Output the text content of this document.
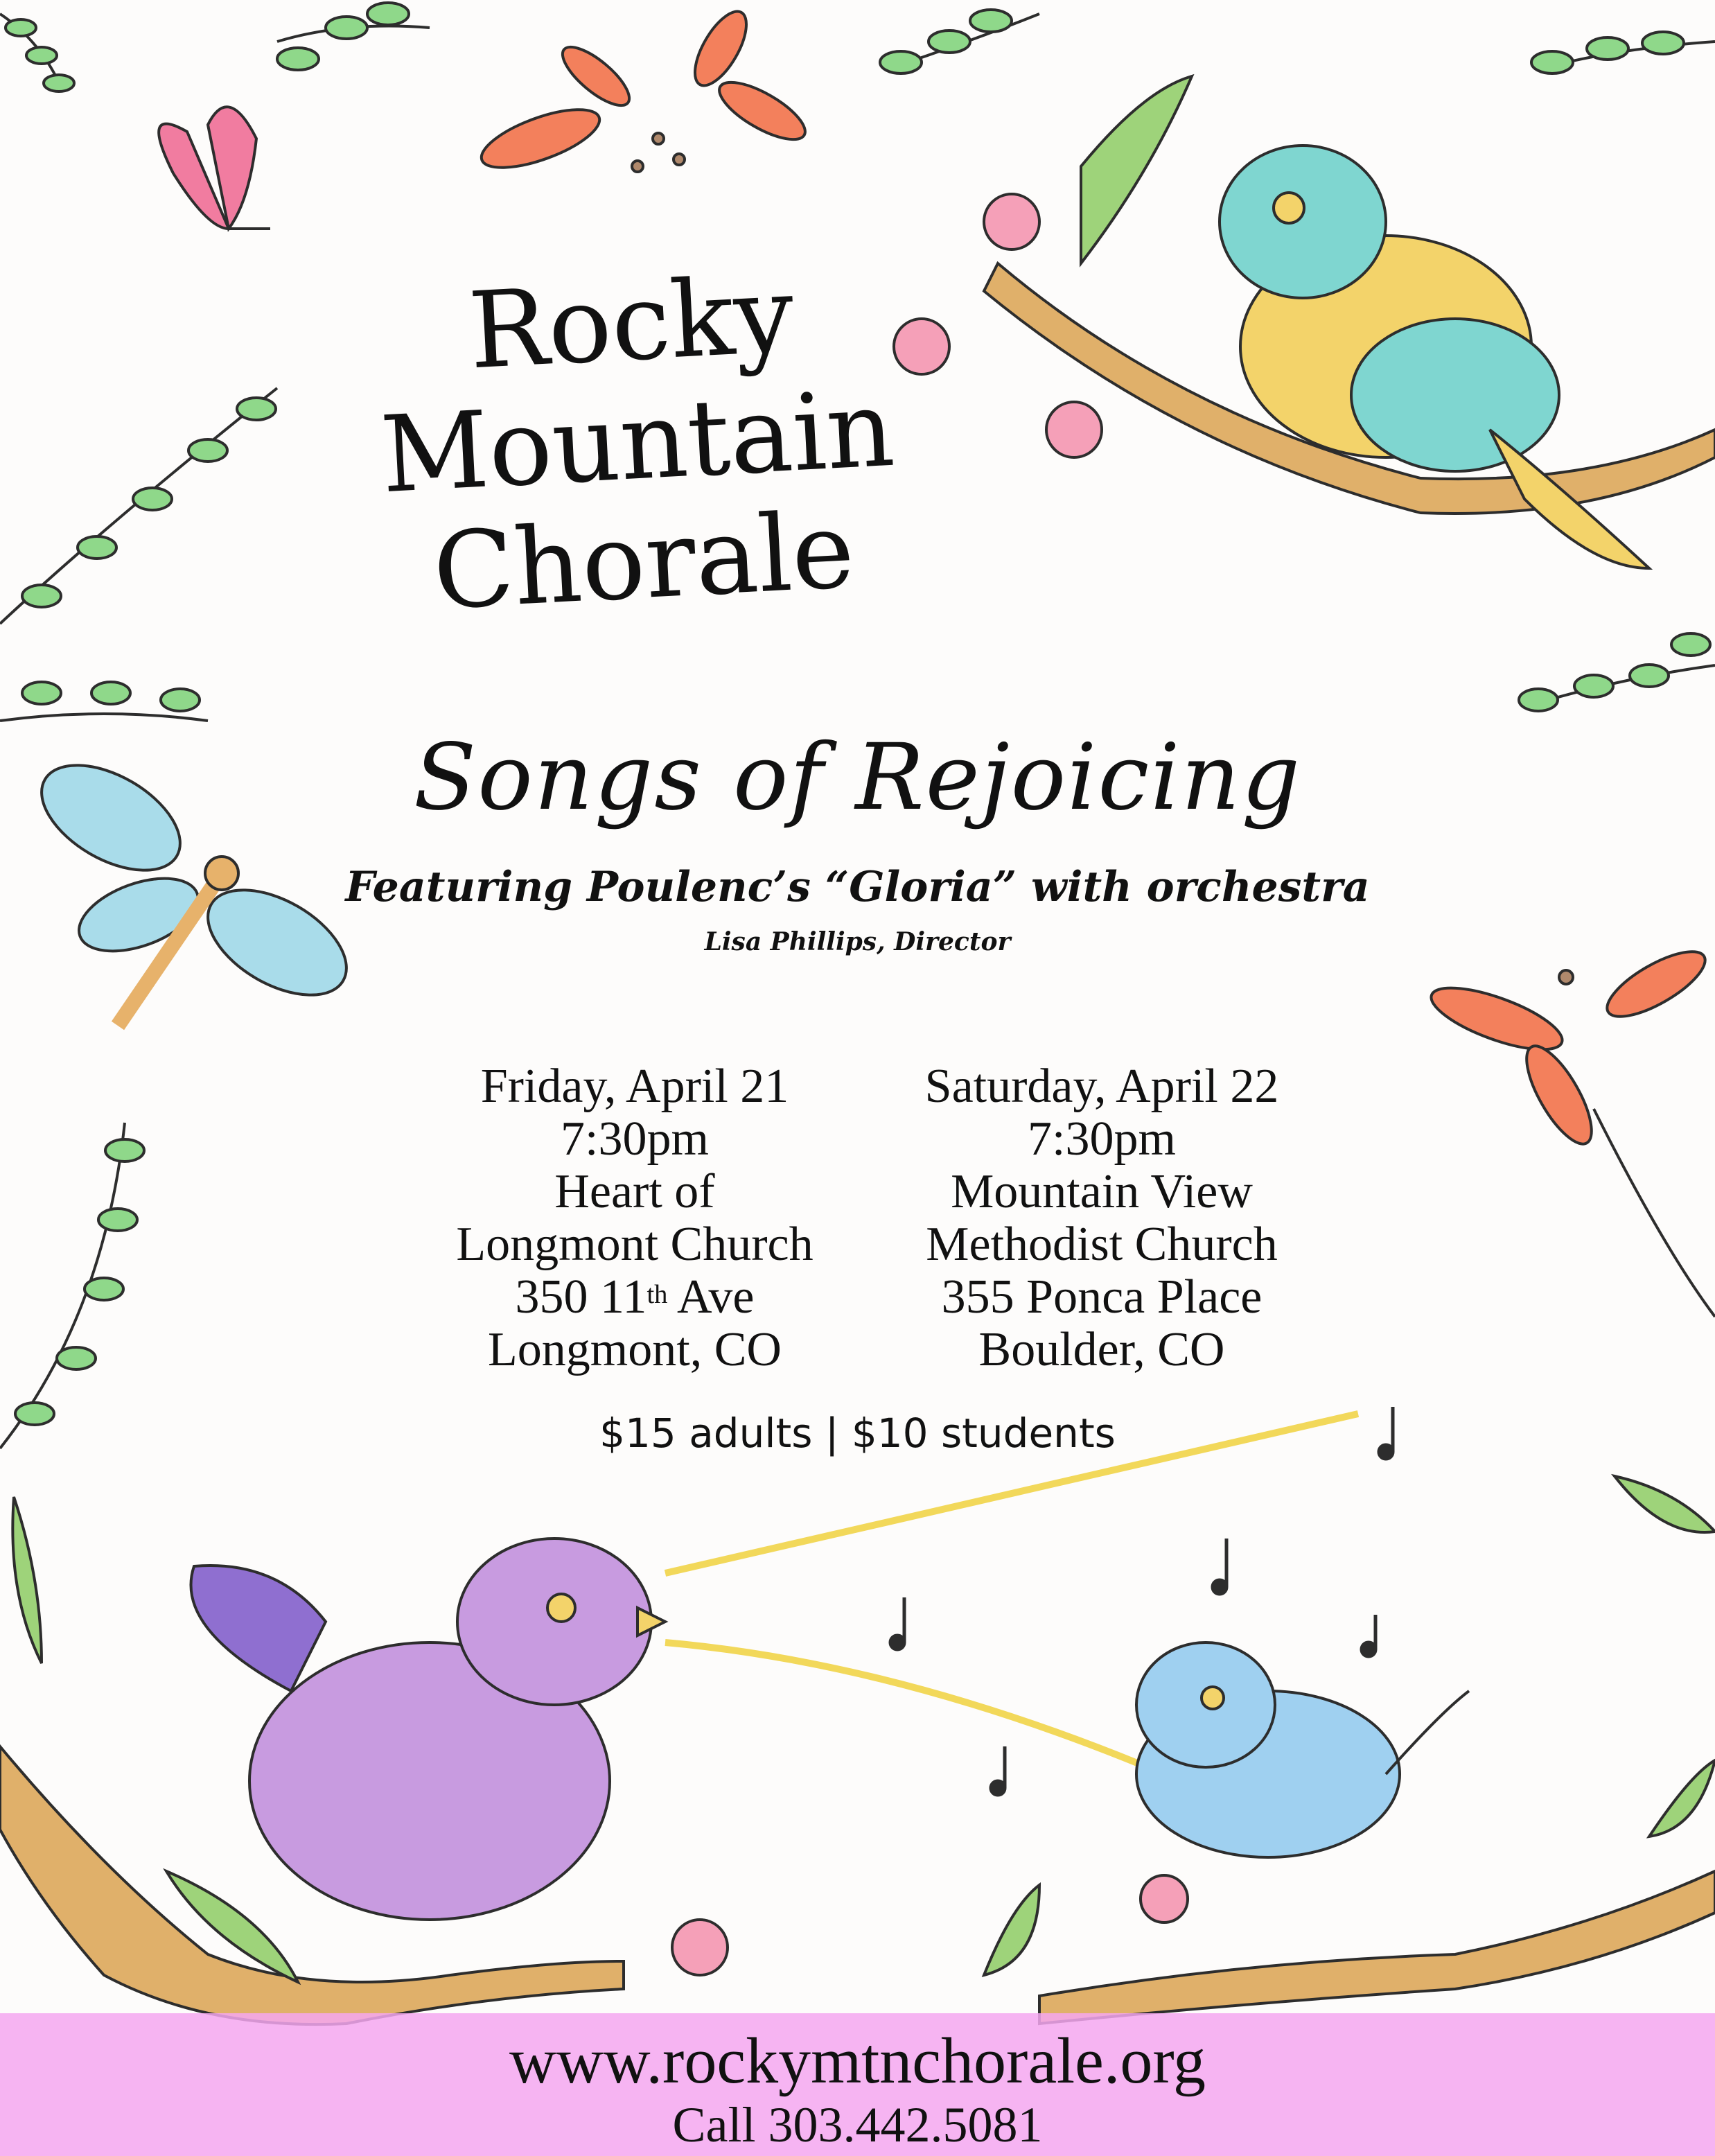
Rocky
Mountain
Chorale
Songs of Rejoicing
Featuring Poulenc’s “Gloria” with orchestra
Lisa Phillips, Director
Friday, April 21
7:30pm
Heart of
Longmont Church
350 11th Ave
Longmont, CO
Saturday, April 22
7:30pm
Mountain View
Methodist Church
355 Ponca Place
Boulder, CO
$15 adults | $10 students
www.rockymtnchorale.org
Call 303.442.5081
